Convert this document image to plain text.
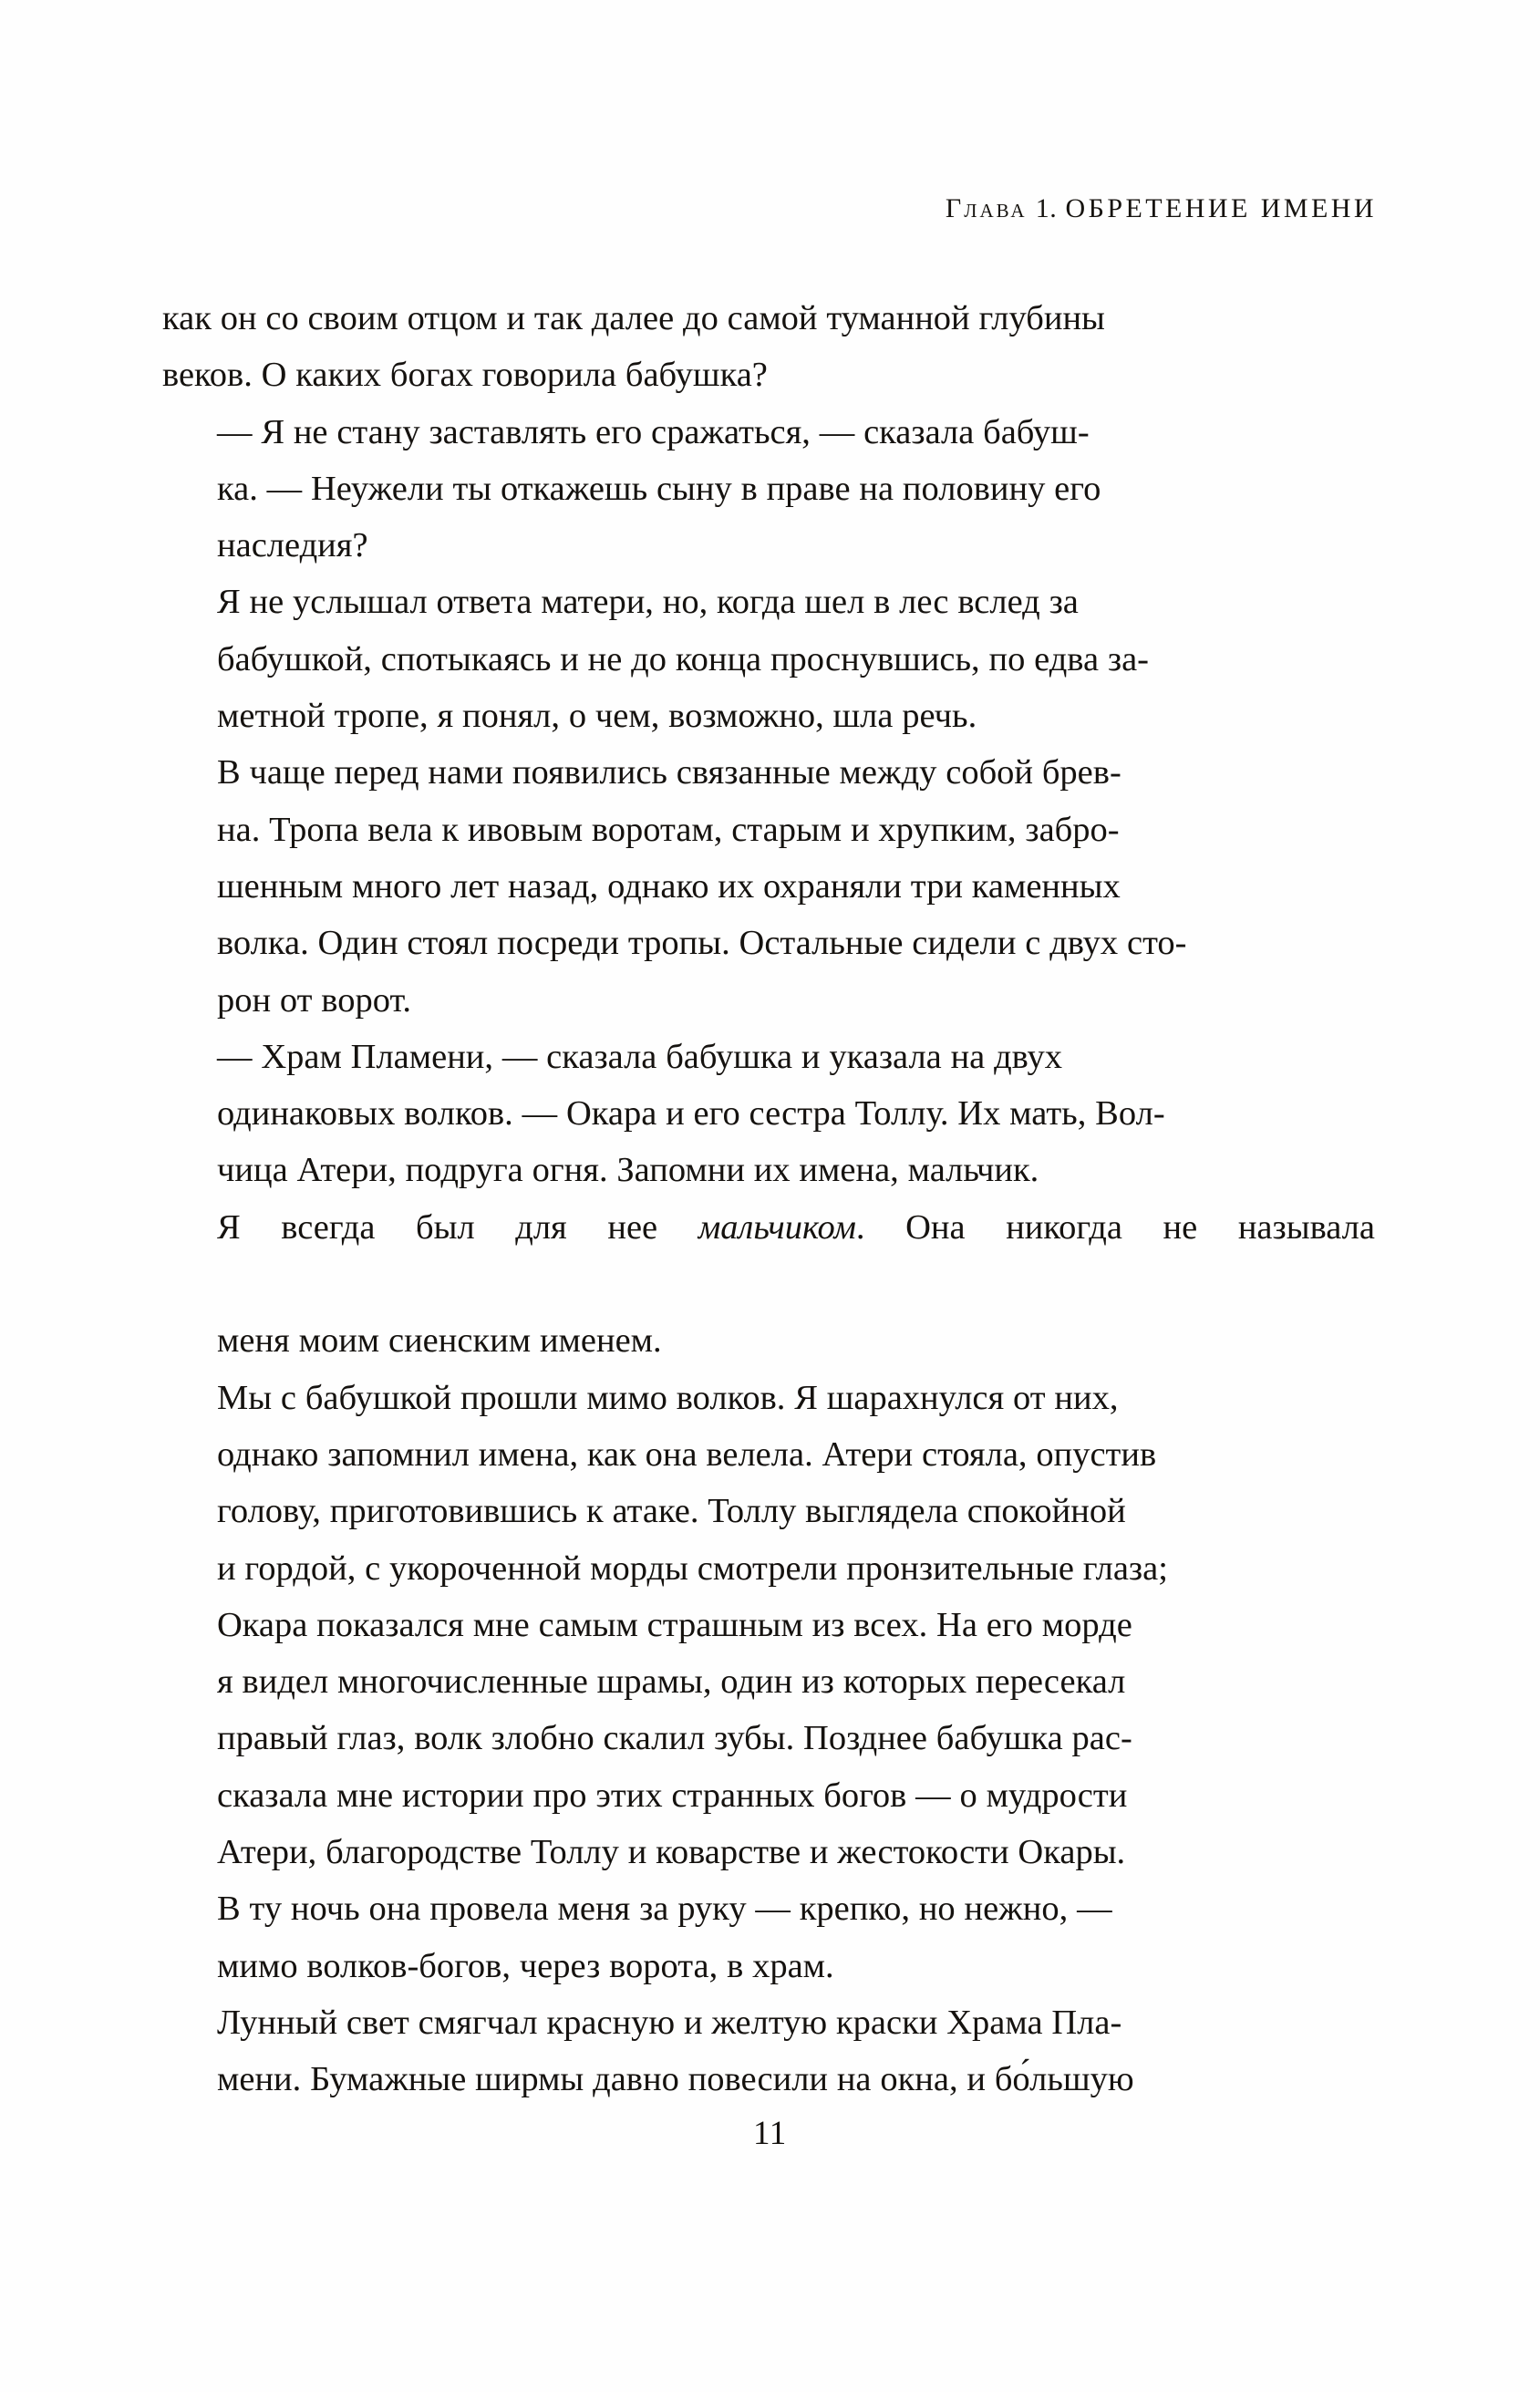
Глава 1. ОБРЕТЕНИЕ ИМЕНИ

как он со своим отцом и так далее до самой туманной глубины
веков. О каких богах говорила бабушка?

— Я не стану заставлять его сражаться, — сказала бабуш-
ка. — Неужели ты откажешь сыну в праве на половину его
наследия?

Я не услышал ответа матери, но, когда шел в лес вслед за
бабушкой, спотыкаясь и не до конца проснувшись, по едва за-
метной тропе, я понял, о чем, возможно, шла речь.

В чаще перед нами появились связанные между собой брев-
на. Тропа вела к ивовым воротам, старым и хрупким, забро-
шенным много лет назад, однако их охраняли три каменных
волка. Один стоял посреди тропы. Остальные сидели с двух сто-
рон от ворот.

— Храм Пламени, — сказала бабушка и указала на двух
одинаковых волков. — Окара и его сестра Толлу. Их мать, Вол-
чица Атери, подруга огня. Запомни их имена, мальчик.

Я всегда был для нее мальчиком. Она никогда не называла
меня моим сиенским именем.

Мы с бабушкой прошли мимо волков. Я шарахнулся от них,
однако запомнил имена, как она велела. Атери стояла, опустив
голову, приготовившись к атаке. Толлу выглядела спокойной
и гордой, с укороченной морды смотрели пронзительные глаза;
Окара показался мне самым страшным из всех. На его морде
я видел многочисленные шрамы, один из которых пересекал
правый глаз, волк злобно скалил зубы. Позднее бабушка рас-
сказала мне истории про этих странных богов — о мудрости
Атери, благородстве Толлу и коварстве и жестокости Окары.
В ту ночь она провела меня за руку — крепко, но нежно, —
мимо волков-богов, через ворота, в храм.

Лунный свет смягчал красную и желтую краски Храма Пла-
мени. Бумажные ширмы давно повесили на окна, и бо́льшую

11
